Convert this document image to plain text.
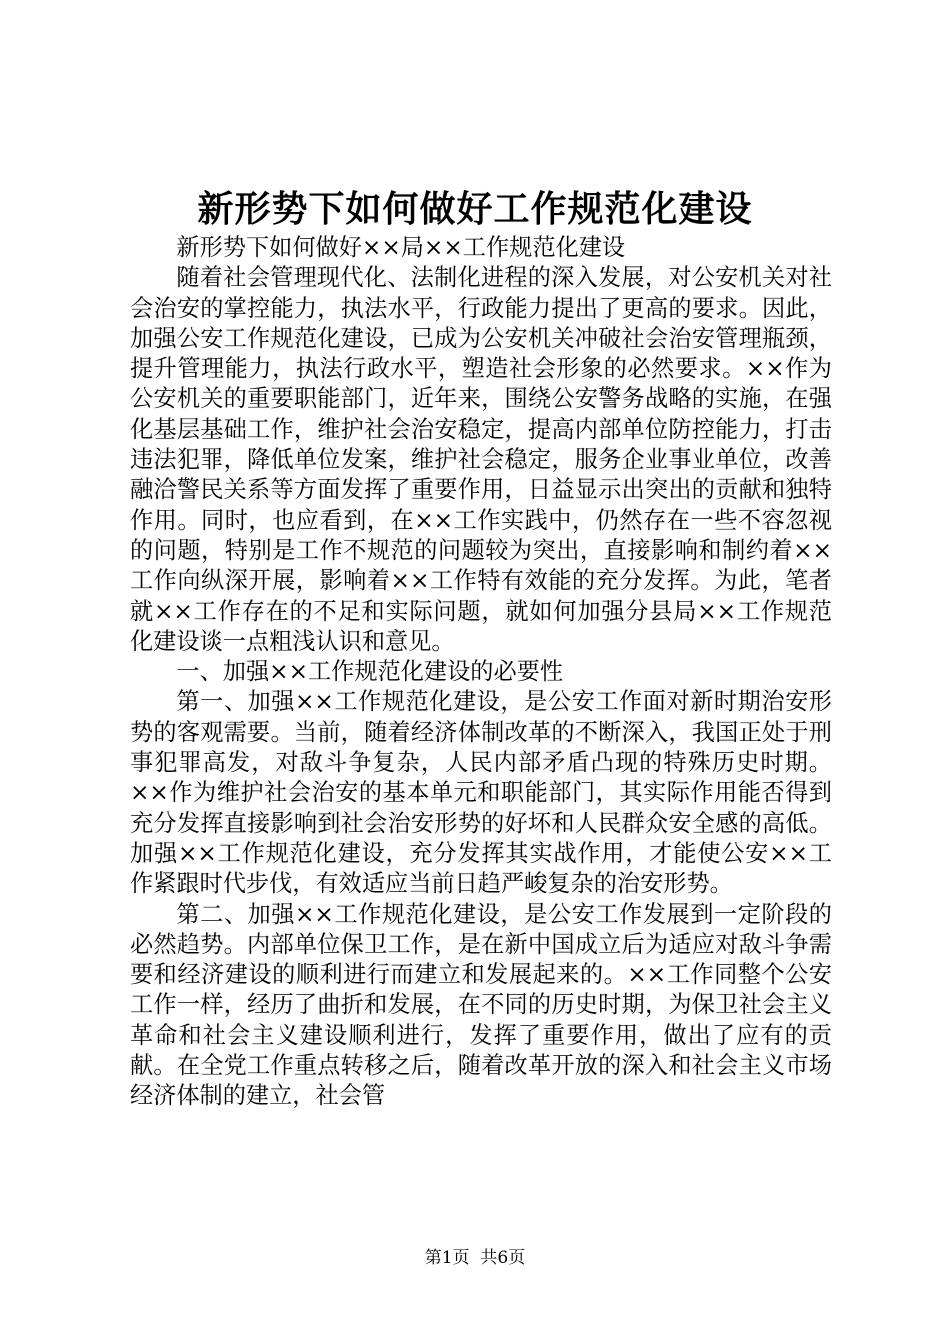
新形势下如何做好工作规范化建设

新形势下如何做好××局××工作规范化建设

随着社会管理现代化、法制化进程的深入发展，对公安机关对社会治安的掌控能力，执法水平，行政能力提出了更高的要求。因此，加强公安工作规范化建设，已成为公安机关冲破社会治安管理瓶颈，提升管理能力，执法行政水平，塑造社会形象的必然要求。××作为公安机关的重要职能部门，近年来，围绕公安警务战略的实施，在强化基层基础工作，维护社会治安稳定，提高内部单位防控能力，打击违法犯罪，降低单位发案，维护社会稳定，服务企业事业单位，改善融洽警民关系等方面发挥了重要作用，日益显示出突出的贡献和独特作用。同时，也应看到，在××工作实践中，仍然存在一些不容忽视的问题，特别是工作不规范的问题较为突出，直接影响和制约着××工作向纵深开展，影响着××工作特有效能的充分发挥。为此，笔者就××工作存在的不足和实际问题，就如何加强分县局××工作规范化建设谈一点粗浅认识和意见。

一、加强××工作规范化建设的必要性

第一、加强××工作规范化建设，是公安工作面对新时期治安形势的客观需要。当前，随着经济体制改革的不断深入，我国正处于刑事犯罪高发，对敌斗争复杂，人民内部矛盾凸现的特殊历史时期。××作为维护社会治安的基本单元和职能部门，其实际作用能否得到充分发挥直接影响到社会治安形势的好坏和人民群众安全感的高低。加强××工作规范化建设，充分发挥其实战作用，才能使公安××工作紧跟时代步伐，有效适应当前日趋严峻复杂的治安形势。

第二、加强××工作规范化建设，是公安工作发展到一定阶段的必然趋势。内部单位保卫工作，是在新中国成立后为适应对敌斗争需要和经济建设的顺利进行而建立和发展起来的。××工作同整个公安工作一样，经历了曲折和发展，在不同的历史时期，为保卫社会主义革命和社会主义建设顺利进行，发挥了重要作用，做出了应有的贡献。在全党工作重点转移之后，随着改革开放的深入和社会主义市场经济体制的建立，社会管

第1页 共6页
